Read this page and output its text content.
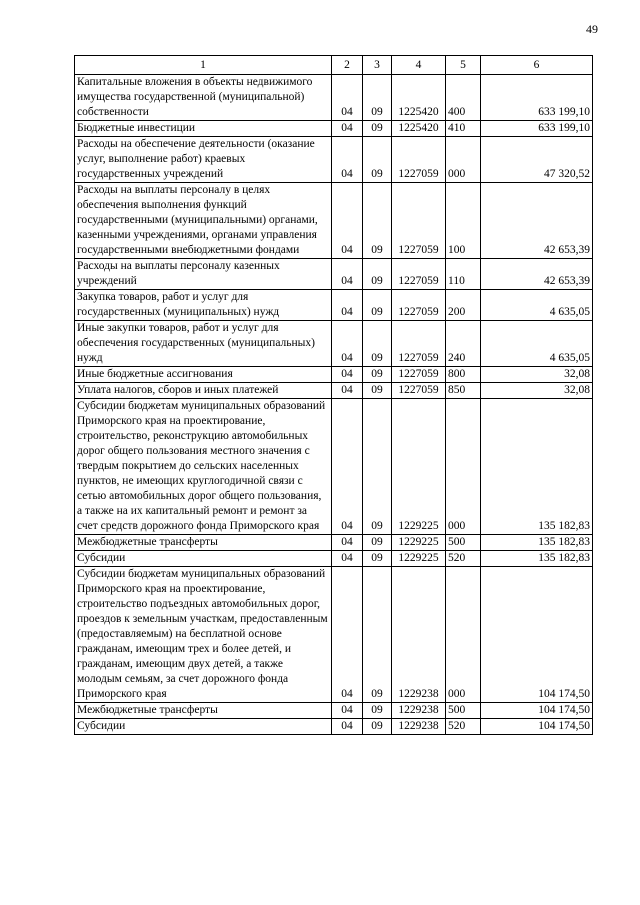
49
1	2	3	4	5	6
Капитальные вложения в объекты недвижимого имущества государственной (муниципальной) собственности	04	09	1225420	400	633 199,10
Бюджетные инвестиции	04	09	1225420	410	633 199,10
Расходы на обеспечение деятельности (оказание услуг, выполнение работ) краевых государственных учреждений	04	09	1227059	000	47 320,52
Расходы на выплаты персоналу в целях обеспечения выполнения функций государственными (муниципальными) органами, казенными учреждениями, органами управления государственными внебюджетными фондами	04	09	1227059	100	42 653,39
Расходы на выплаты персоналу казенных учреждений	04	09	1227059	110	42 653,39
Закупка товаров, работ и услуг для государственных (муниципальных) нужд	04	09	1227059	200	4 635,05
Иные закупки товаров, работ и услуг для обеспечения государственных (муниципальных) нужд	04	09	1227059	240	4 635,05
Иные бюджетные ассигнования	04	09	1227059	800	32,08
Уплата налогов, сборов и иных платежей	04	09	1227059	850	32,08
Субсидии бюджетам муниципальных образований Приморского края на проектирование, строительство, реконструкцию автомобильных дорог общего пользования местного значения с твердым покрытием до сельских населенных пунктов, не имеющих круглогодичной связи с сетью автомобильных дорог общего пользования, а также на их капитальный ремонт и ремонт за счет средств дорожного фонда Приморского края	04	09	1229225	000	135 182,83
Межбюджетные трансферты	04	09	1229225	500	135 182,83
Субсидии	04	09	1229225	520	135 182,83
Субсидии бюджетам муниципальных образований Приморского края на проектирование, строительство подъездных автомобильных дорог, проездов к земельным участкам, предоставленным (предоставляемым) на бесплатной основе гражданам, имеющим трех и более детей, и гражданам, имеющим двух детей, а также молодым семьям, за счет дорожного фонда Приморского края	04	09	1229238	000	104 174,50
Межбюджетные трансферты	04	09	1229238	500	104 174,50
Субсидии	04	09	1229238	520	104 174,50
